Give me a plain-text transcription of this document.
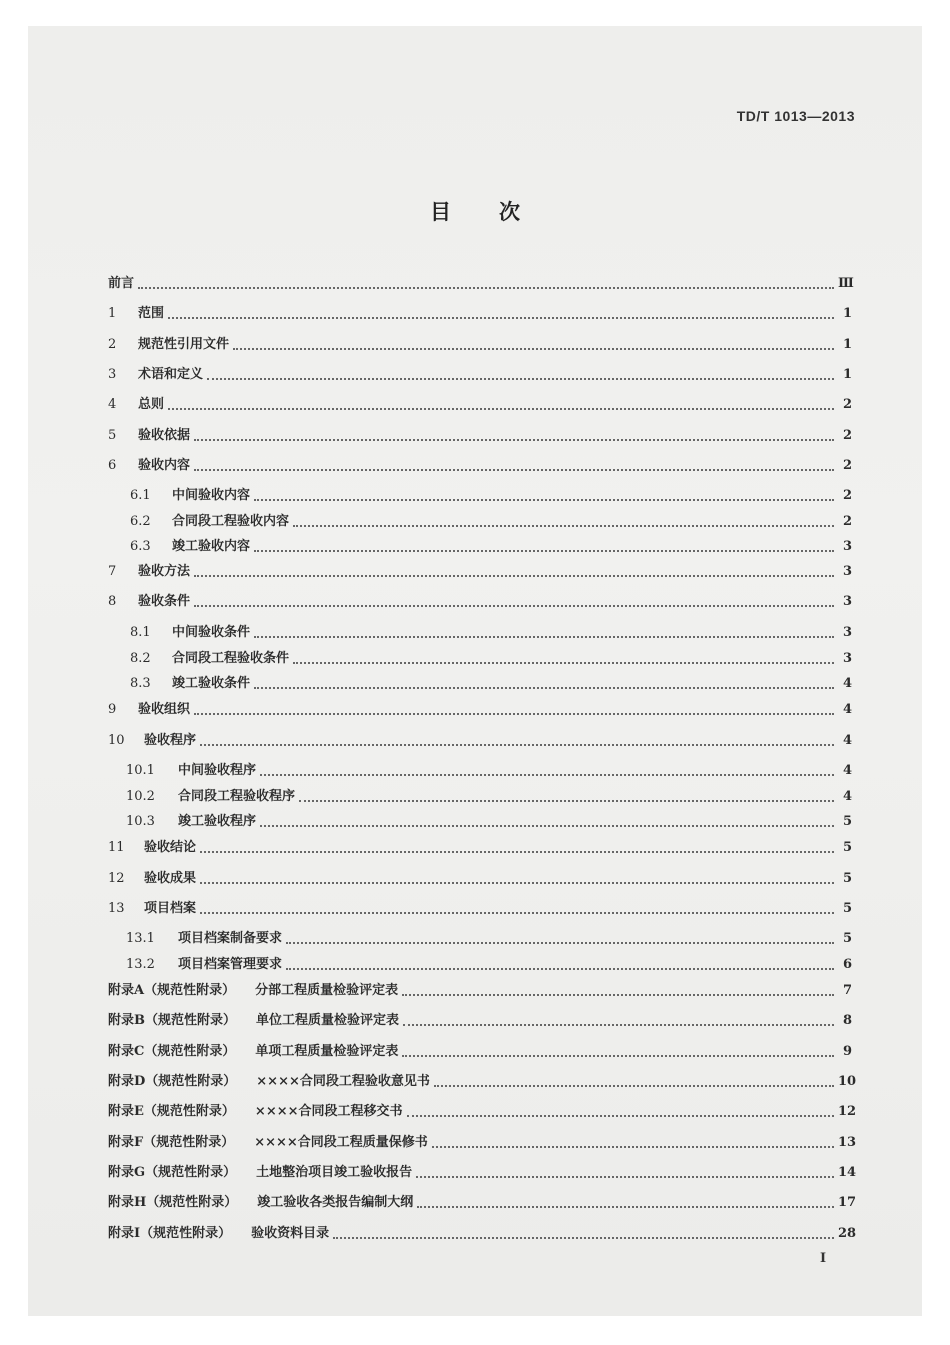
TD/T 1013—2013
目次
前言	Ⅲ
1	范围	1
2	规范性引用文件	1
3	术语和定义	1
4	总则	2
5	验收依据	2
6	验收内容	2
6.1	中间验收内容	2
6.2	合同段工程验收内容	2
6.3	竣工验收内容	3
7	验收方法	3
8	验收条件	3
8.1	中间验收条件	3
8.2	合同段工程验收条件	3
8.3	竣工验收条件	4
9	验收组织	4
10	验收程序	4
10.1	中间验收程序	4
10.2	合同段工程验收程序	4
10.3	竣工验收程序	5
11	验收结论	5
12	验收成果	5
13	项目档案	5
13.1	项目档案制备要求	5
13.2	项目档案管理要求	6
附录A（规范性附录） 分部工程质量检验评定表	7
附录B（规范性附录） 单位工程质量检验评定表	8
附录C（规范性附录） 单项工程质量检验评定表	9
附录D（规范性附录） ××××合同段工程验收意见书	10
附录E（规范性附录） ××××合同段工程移交书	12
附录F（规范性附录） ××××合同段工程质量保修书	13
附录G（规范性附录） 土地整治项目竣工验收报告	14
附录H（规范性附录） 竣工验收各类报告编制大纲	17
附录I（规范性附录） 验收资料目录	28
I
